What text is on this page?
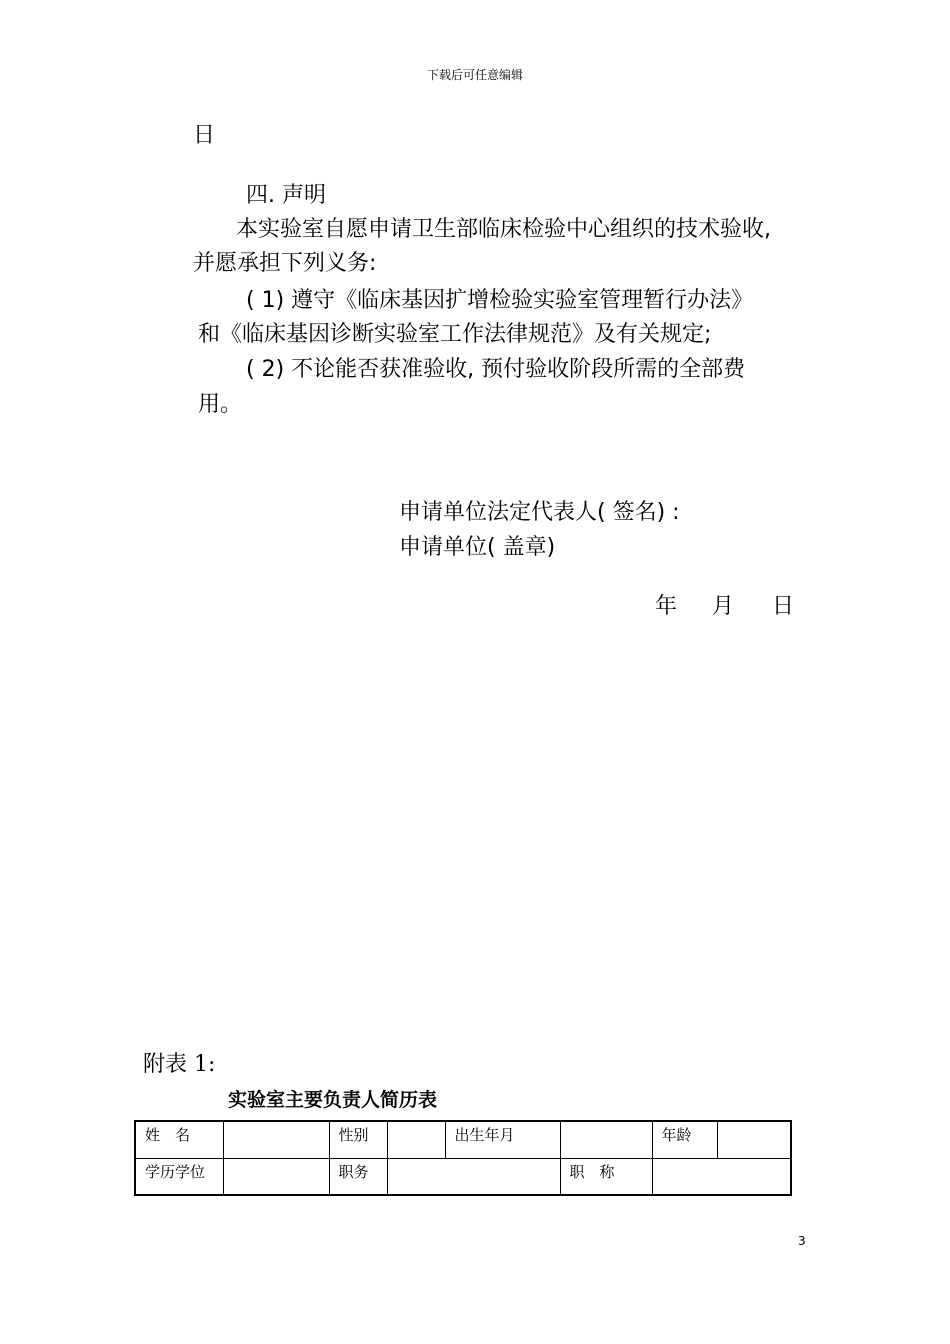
下载后可任意编辑
日
四. 声明
本实验室自愿申请卫生部临床检验中心组织的技术验收,
并愿承担下列义务:
( 1) 遵守《临床基因扩增检验实验室管理暂行办法》
和《临床基因诊断实验室工作法律规范》及有关规定;
( 2) 不论能否获准验收, 预付验收阶段所需的全部费
用。
申请单位法定代表人( 签名) :
申请单位( 盖章)
年 月 日
附表 1:
实验室主要负责人简历表
姓　名		性别		出生年月		年龄	
学历学位		职务			职　称		
3
